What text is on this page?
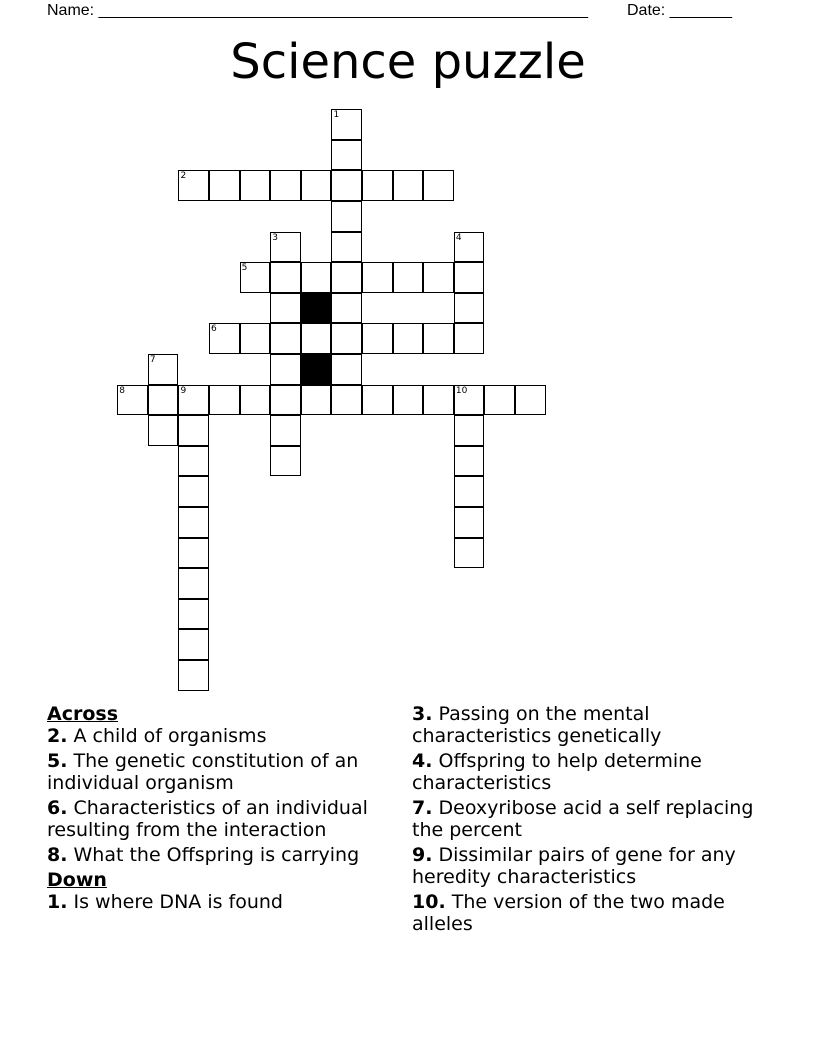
Name: _______________________________________________________ Date: _______
Science puzzle
1
2
3	4
5
6
7
8	9	10
Across
2. A child of organisms
5. The genetic constitution of an individual organism
6. Characteristics of an individual resulting from the interaction
8. What the Offspring is carrying
Down
1. Is where DNA is found
3. Passing on the mental characteristics genetically
4. Offspring to help determine characteristics
7. Deoxyribose acid a self replacing the percent
9. Dissimilar pairs of gene for any heredity characteristics
10. The version of the two made alleles
